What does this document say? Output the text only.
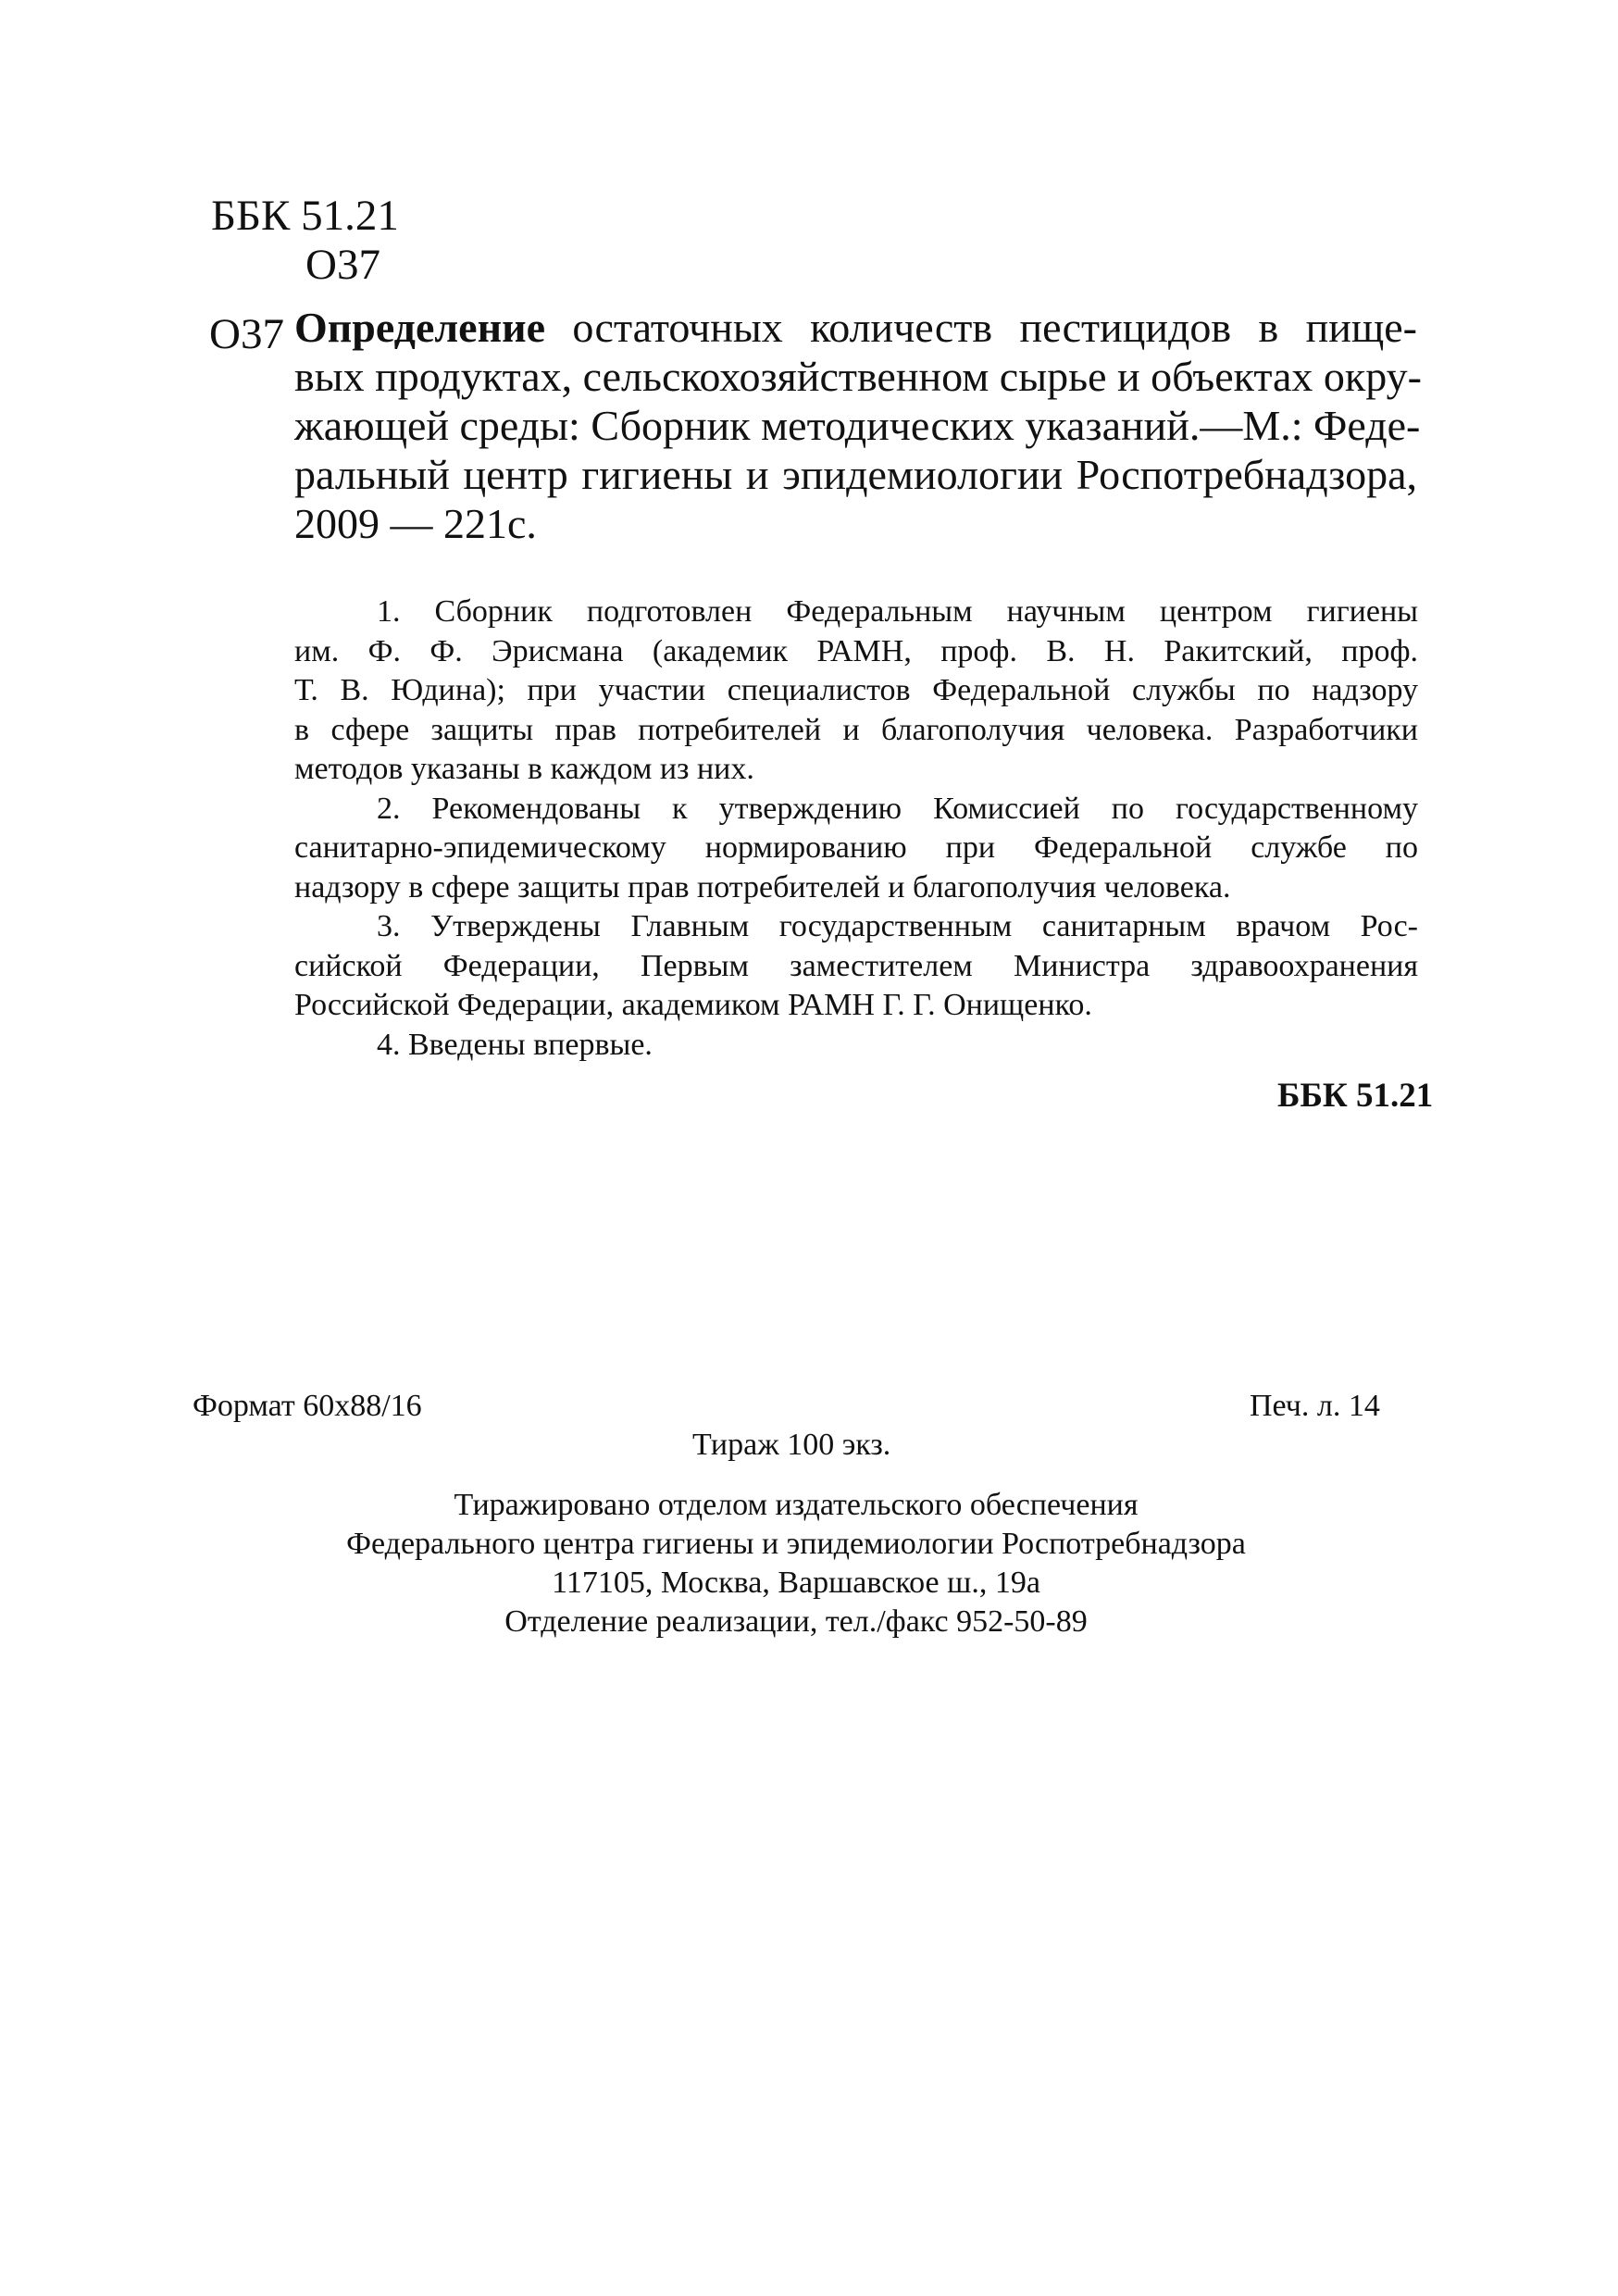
ББК 51.21
О37
О37 Определение остаточных количеств пестицидов в пище-
вых продуктах, сельскохозяйственном сырье и объектах окру-
жающей среды: Сборник методических указаний.—М.: Феде-
ральный центр гигиены и эпидемиологии Роспотребнадзора,
2009 — 221с.
1. Сборник подготовлен Федеральным научным центром гигиены
им. Ф. Ф. Эрисмана (академик РАМН, проф. В. Н. Ракитский, проф.
Т. В. Юдина); при участии специалистов Федеральной службы по надзору
в сфере защиты прав потребителей и благополучия человека. Разработчики
методов указаны в каждом из них.
2. Рекомендованы к утверждению Комиссией по государственному
санитарно-эпидемическому нормированию при Федеральной службе по
надзору в сфере защиты прав потребителей и благополучия человека.
3. Утверждены Главным государственным санитарным врачом Рос-
сийской Федерации, Первым заместителем Министра здравоохранения
Российской Федерации, академиком РАМН Г. Г. Онищенко.
4. Введены впервые.
ББК 51.21
Формат 60х88/16	Печ. л. 14
Тираж 100 экз.
Тиражировано отделом издательского обеспечения
Федерального центра гигиены и эпидемиологии Роспотребнадзора
117105, Москва, Варшавское ш., 19а
Отделение реализации, тел./факс 952-50-89
